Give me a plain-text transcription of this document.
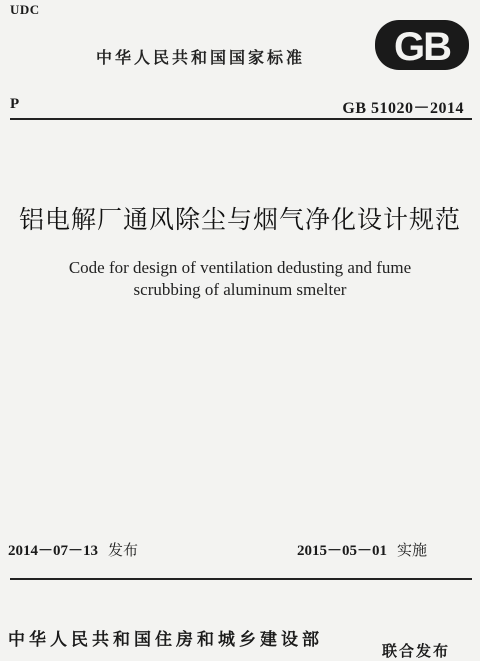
UDC
中华人民共和国国家标准 GB
P	GB 51020－2014
铝电解厂通风除尘与烟气净化设计规范
Code for design of ventilation dedusting and fume
scrubbing of aluminum smelter
2014－07－13 发布	2015－05－01 实施
中华人民共和国住房和城乡建设部
联合发布
